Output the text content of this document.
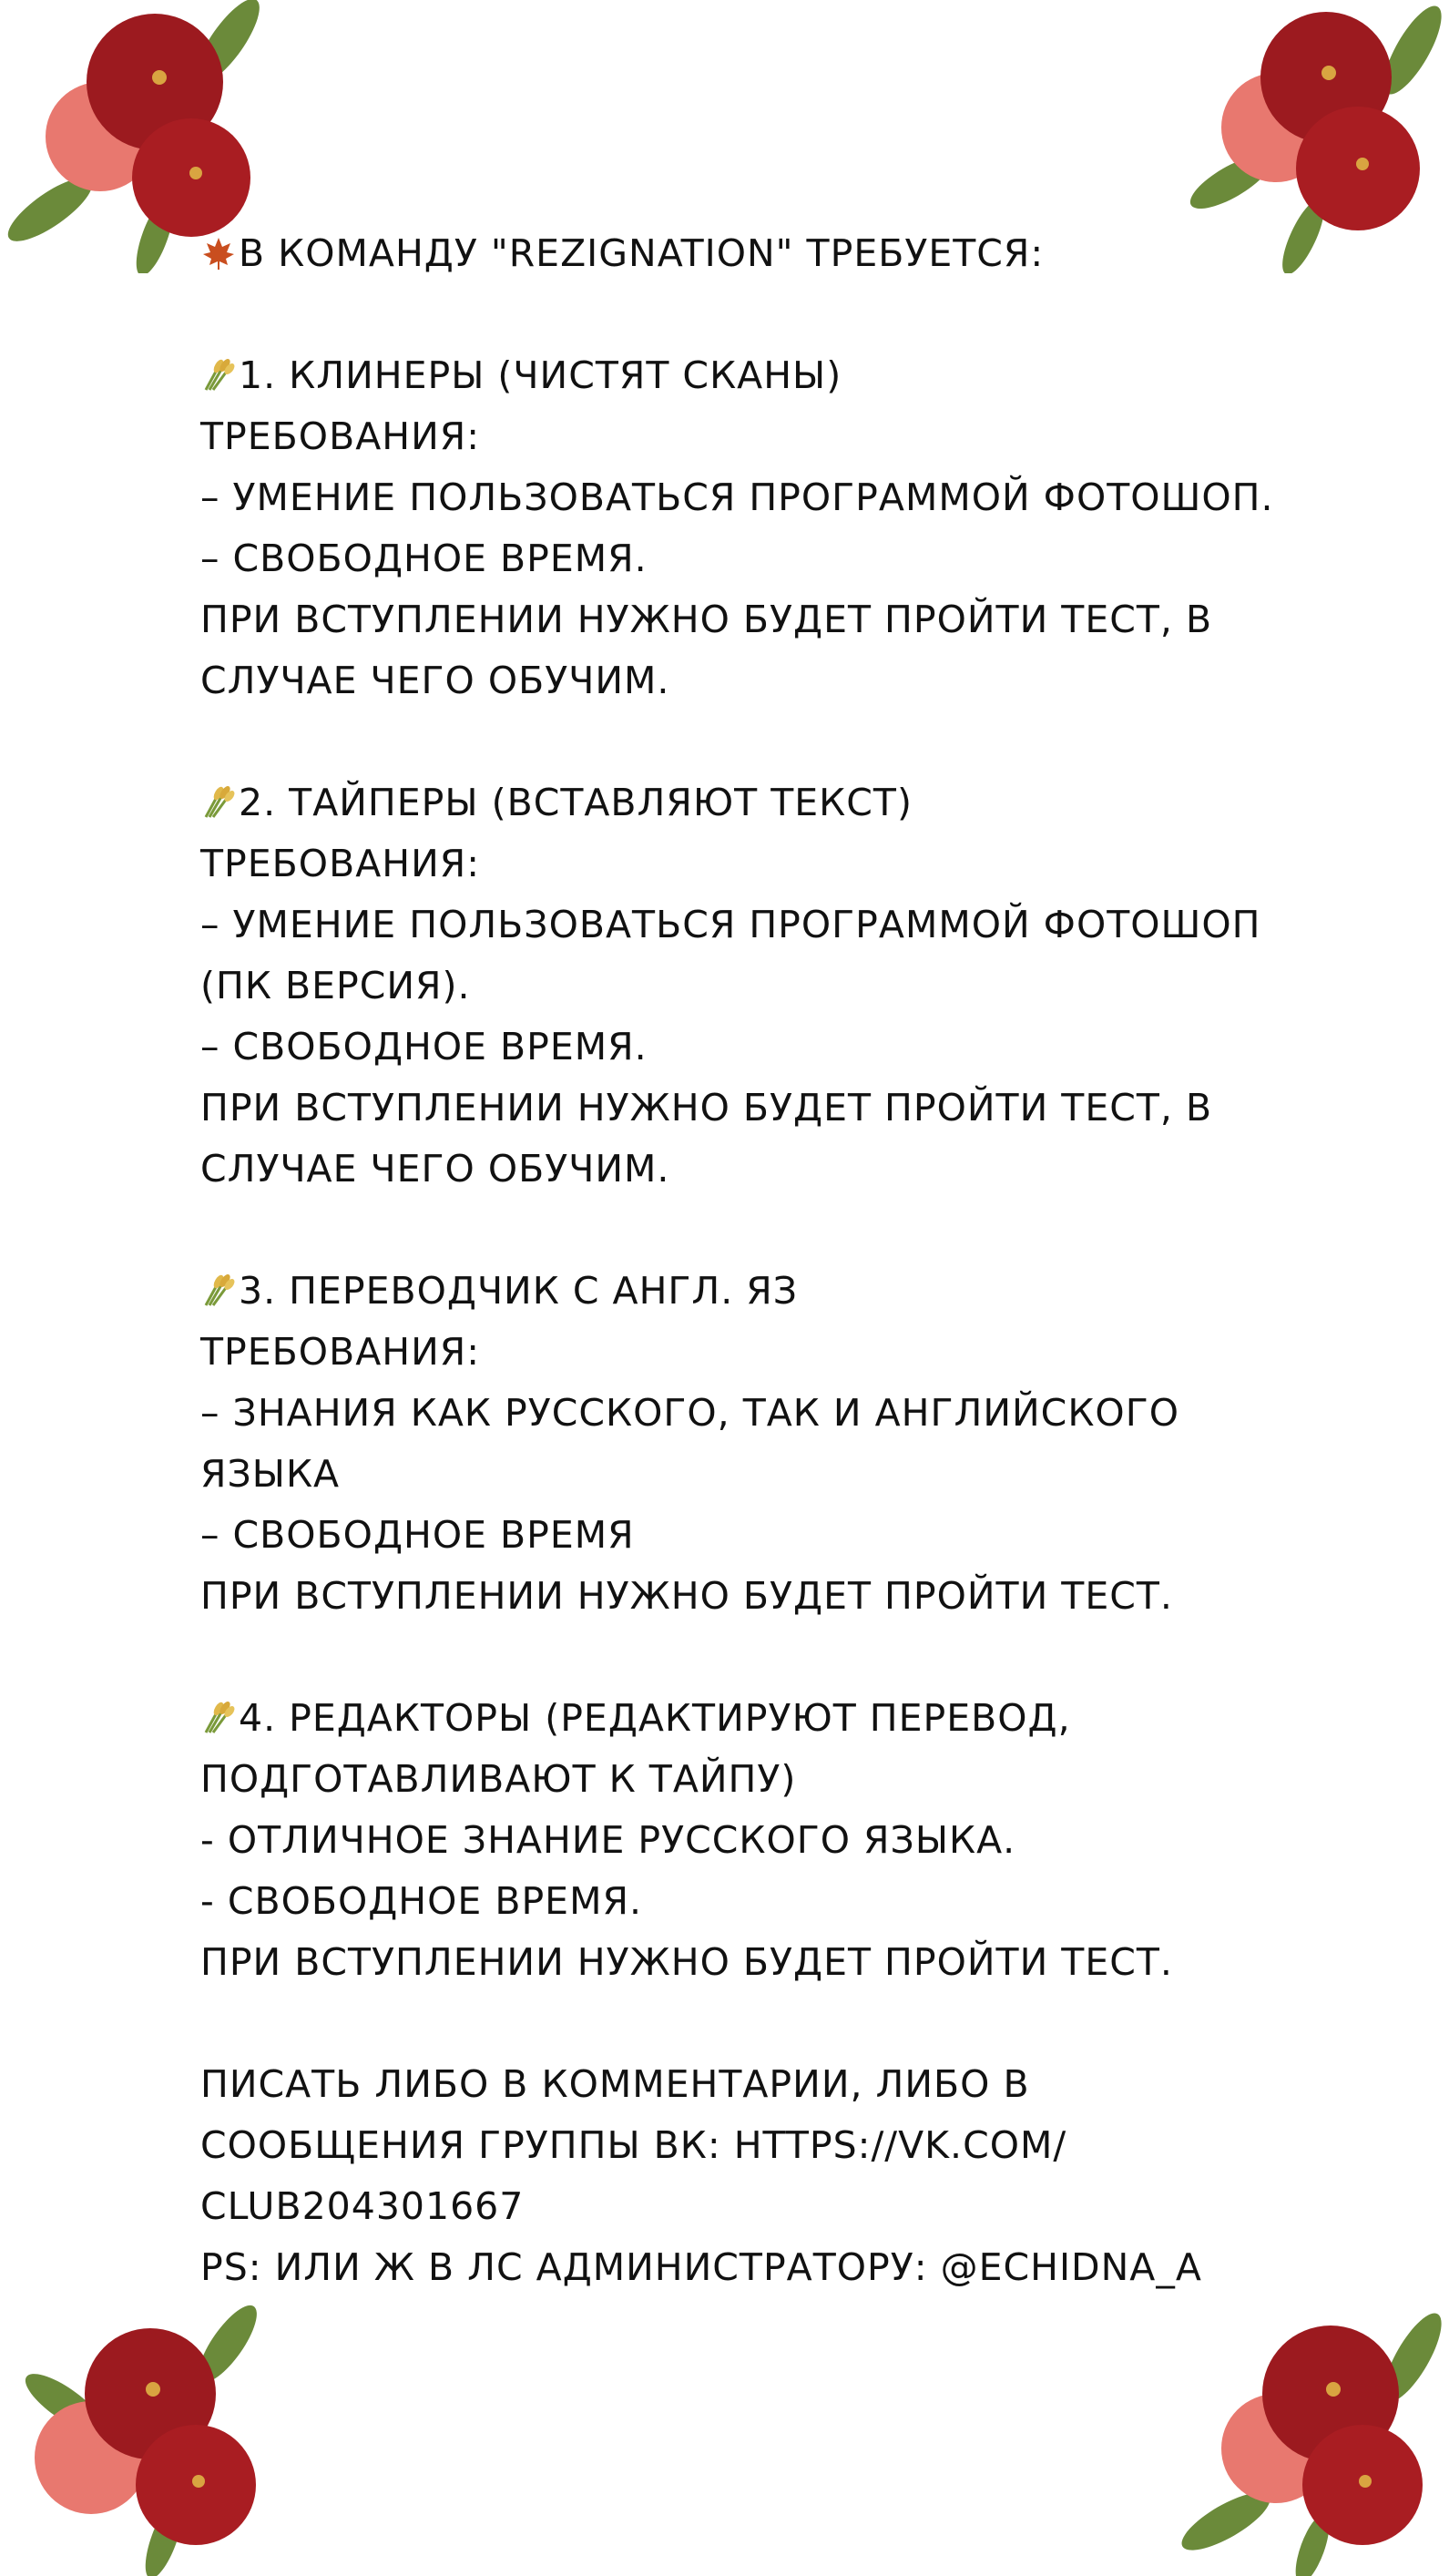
В КОМАНДУ "REZIGNATION" ТРЕБУЕТСЯ:
1. КЛИНЕРЫ (ЧИСТЯТ СКАНЫ)
ТРЕБОВАНИЯ:
– УМЕНИЕ ПОЛЬЗОВАТЬСЯ ПРОГРАММОЙ ФОТОШОП.
– СВОБОДНОЕ ВРЕМЯ.
ПРИ ВСТУПЛЕНИИ НУЖНО БУДЕТ ПРОЙТИ ТЕСТ, В
СЛУЧАЕ ЧЕГО ОБУЧИМ.
2. ТАЙПЕРЫ (ВСТАВЛЯЮТ ТЕКСТ)
ТРЕБОВАНИЯ:
– УМЕНИЕ ПОЛЬЗОВАТЬСЯ ПРОГРАММОЙ ФОТОШОП
(ПК ВЕРСИЯ).
– СВОБОДНОЕ ВРЕМЯ.
ПРИ ВСТУПЛЕНИИ НУЖНО БУДЕТ ПРОЙТИ ТЕСТ, В
СЛУЧАЕ ЧЕГО ОБУЧИМ.
3. ПЕРЕВОДЧИК С АНГЛ. ЯЗ
ТРЕБОВАНИЯ:
– ЗНАНИЯ КАК РУССКОГО, ТАК И АНГЛИЙСКОГО
ЯЗЫКА
– СВОБОДНОЕ ВРЕМЯ
ПРИ ВСТУПЛЕНИИ НУЖНО БУДЕТ ПРОЙТИ ТЕСТ.
4. РЕДАКТОРЫ (РЕДАКТИРУЮТ ПЕРЕВОД,
ПОДГОТАВЛИВАЮТ К ТАЙПУ)
- ОТЛИЧНОЕ ЗНАНИЕ РУССКОГО ЯЗЫКА.
- СВОБОДНОЕ ВРЕМЯ.
ПРИ ВСТУПЛЕНИИ НУЖНО БУДЕТ ПРОЙТИ ТЕСТ.
ПИСАТЬ ЛИБО В КОММЕНТАРИИ, ЛИБО В
СООБЩЕНИЯ ГРУППЫ ВК: HTTPS://VK.COM/
CLUB204301667
PS: ИЛИ Ж В ЛС АДМИНИСТРАТОРУ: @ECHIDNA_A
